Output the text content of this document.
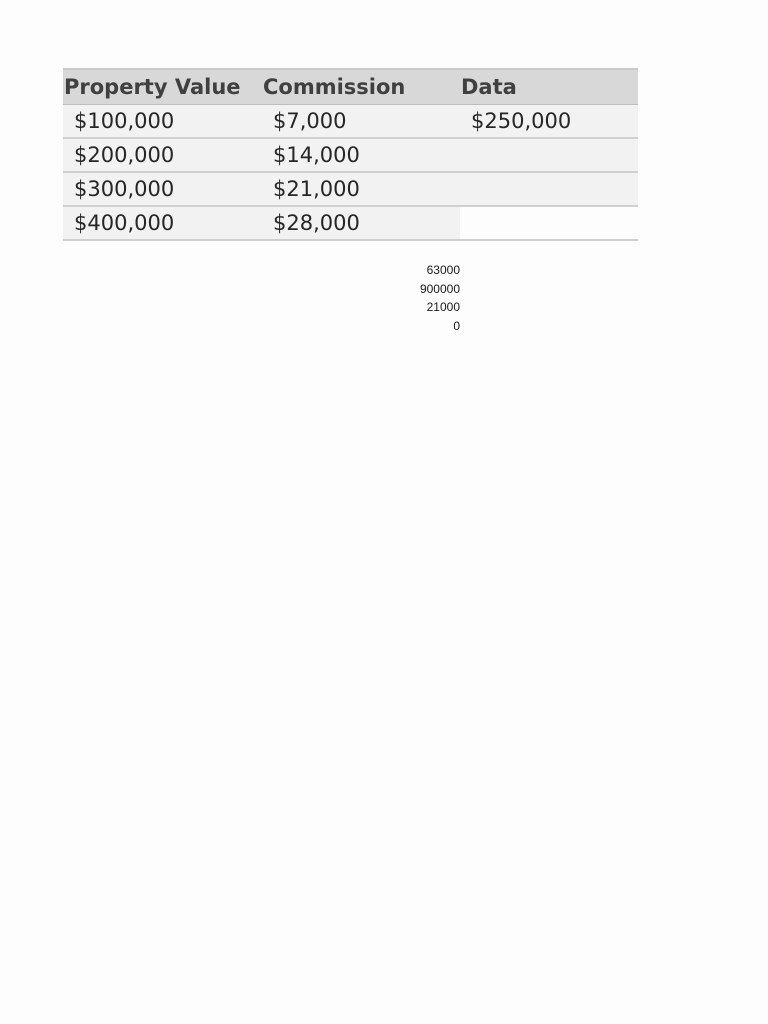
Property Value	Commission	Data
$100,000	$7,000	$250,000
$200,000	$14,000	
$300,000	$21,000	
$400,000	$28,000	
63000
900000
21000
0
